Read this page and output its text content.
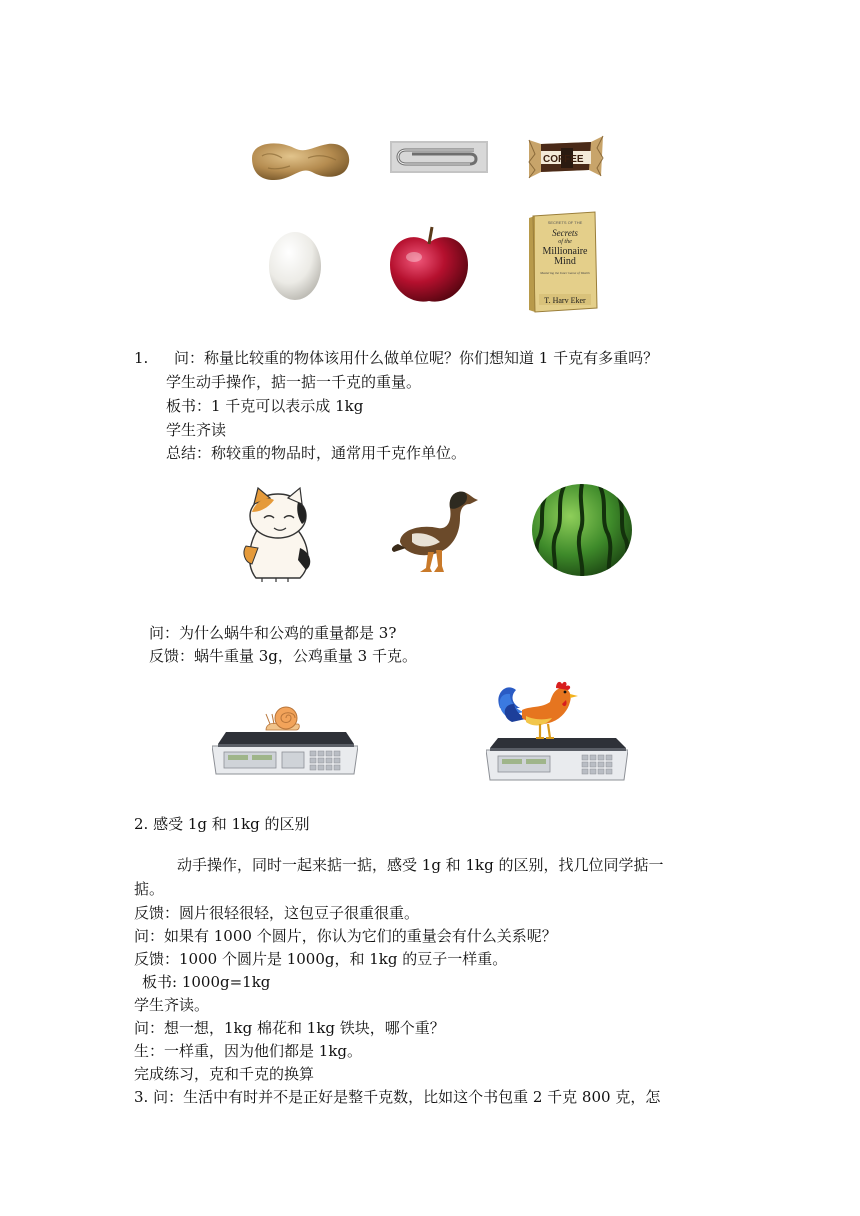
COFFEE
SECRETS OF THE
Secrets
of the
Millionaire
Mind
Mastering the Inner Game of Wealth
T. Harv Eker
1. 问：称量比较重的物体该用什么做单位呢？你们想知道 1 千克有多重吗？
学生动手操作，掂一掂一千克的重量。
板书：1 千克可以表示成 1kg
学生齐读
总结：称较重的物品时，通常用千克作单位。
问：为什么蜗牛和公鸡的重量都是 3?
反馈：蜗牛重量 3g，公鸡重量 3 千克。
2. 感受 1g 和 1kg 的区别
动手操作，同时一起来掂一掂，感受 1g 和 1kg 的区别，找几位同学掂一
掂。
反馈：圆片很轻很轻，这包豆子很重很重。
问：如果有 1000 个圆片，你认为它们的重量会有什么关系呢？
反馈：1000 个圆片是 1000g，和 1kg 的豆子一样重。
板书: 1000g=1kg
学生齐读。
问：想一想，1kg 棉花和 1kg 铁块，哪个重？
生：一样重，因为他们都是 1kg。
完成练习，克和千克的换算
3. 问：生活中有时并不是正好是整千克数，比如这个书包重 2 千克 800 克，怎
